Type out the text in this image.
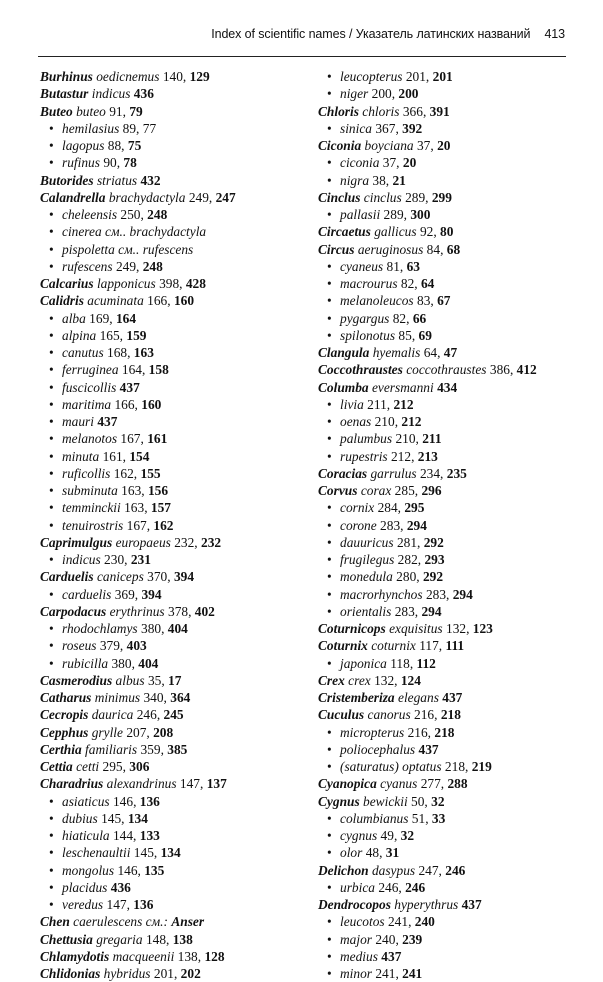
Index of scientific names / Указатель латинских названий 413
Burhinus oedicnemus 140, 129
Butastur indicus 436
Buteo buteo 91, 79
• hemilasius 89, 77
• lagopus 88, 75
• rufinus 90, 78
Butorides striatus 432
Calandrella brachydactyla 249, 247
• cheleensis 250, 248
• cinerea см.. brachydactyla
• pispoletta см.. rufescens
• rufescens 249, 248
Calcarius lapponicus 398, 428
Calidris acuminata 166, 160
• alba 169, 164
• alpina 165, 159
• canutus 168, 163
• ferruginea 164, 158
• fuscicollis 437
• maritima 166, 160
• mauri 437
• melanotos 167, 161
• minuta 161, 154
• ruficollis 162, 155
• subminuta 163, 156
• temminckii 163, 157
• tenuirostris 167, 162
Caprimulgus europaeus 232, 232
• indicus 230, 231
Carduelis caniceps 370, 394
• carduelis 369, 394
Carpodacus erythrinus 378, 402
• rhodochlamys 380, 404
• roseus 379, 403
• rubicilla 380, 404
Casmerodius albus 35, 17
Catharus minimus 340, 364
Cecropis daurica 246, 245
Cepphus grylle 207, 208
Certhia familiaris 359, 385
Cettia cetti 295, 306
Charadrius alexandrinus 147, 137
• asiaticus 146, 136
• dubius 145, 134
• hiaticula 144, 133
• leschenaultii 145, 134
• mongolus 146, 135
• placidus 436
• veredus 147, 136
Chen caerulescens см.: Anser
Chettusia gregaria 148, 138
Chlamydotis macqueenii 138, 128
Chlidonias hybridus 201, 202
• leucopterus 201, 201
• niger 200, 200
Chloris chloris 366, 391
• sinica 367, 392
Ciconia boyciana 37, 20
• ciconia 37, 20
• nigra 38, 21
Cinclus cinclus 289, 299
• pallasii 289, 300
Circaetus gallicus 92, 80
Circus aeruginosus 84, 68
• cyaneus 81, 63
• macrourus 82, 64
• melanoleucos 83, 67
• pygargus 82, 66
• spilonotus 85, 69
Clangula hyemalis 64, 47
Coccothraustes coccothraustes 386, 412
Columba eversmanni 434
• livia 211, 212
• oenas 210, 212
• palumbus 210, 211
• rupestris 212, 213
Coracias garrulus 234, 235
Corvus corax 285, 296
• cornix 284, 295
• corone 283, 294
• dauuricus 281, 292
• frugilegus 282, 293
• monedula 280, 292
• macrorhynchos 283, 294
• orientalis 283, 294
Coturnicops exquisitus 132, 123
Coturnix coturnix 117, 111
• japonica 118, 112
Crex crex 132, 124
Cristemberiza elegans 437
Cuculus canorus 216, 218
• micropterus 216, 218
• poliocephalus 437
• (saturatus) optatus 218, 219
Cyanopica cyanus 277, 288
Cygnus bewickii 50, 32
• columbianus 51, 33
• cygnus 49, 32
• olor 48, 31
Delichon dasypus 247, 246
• urbica 246, 246
Dendrocopos hyperythrus 437
• leucotos 241, 240
• major 240, 239
• medius 437
• minor 241, 241
